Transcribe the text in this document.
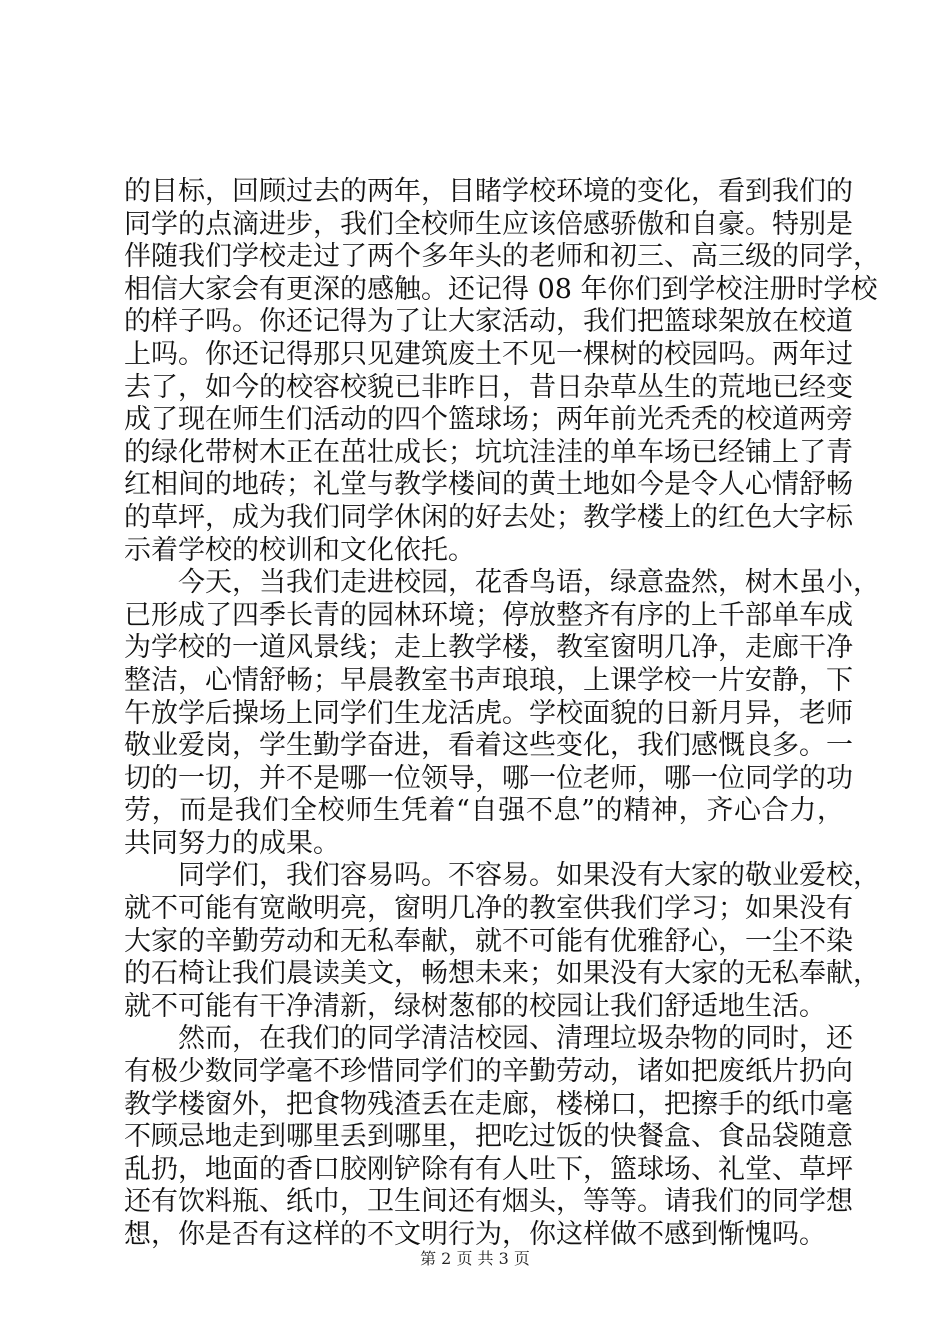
的目标，回顾过去的两年，目睹学校环境的变化，看到我们的
同学的点滴进步，我们全校师生应该倍感骄傲和自豪。特别是
伴随我们学校走过了两个多年头的老师和初三、高三级的同学，
相信大家会有更深的感触。还记得 08 年你们到学校注册时学校
的样子吗。你还记得为了让大家活动，我们把篮球架放在校道
上吗。你还记得那只见建筑废土不见一棵树的校园吗。两年过
去了，如今的校容校貌已非昨日，昔日杂草丛生的荒地已经变
成了现在师生们活动的四个篮球场；两年前光秃秃的校道两旁
的绿化带树木正在茁壮成长；坑坑洼洼的单车场已经铺上了青
红相间的地砖；礼堂与教学楼间的黄土地如今是令人心情舒畅
的草坪，成为我们同学休闲的好去处；教学楼上的红色大字标
示着学校的校训和文化依托。
　　今天，当我们走进校园，花香鸟语，绿意盎然，树木虽小，
已形成了四季长青的园林环境；停放整齐有序的上千部单车成
为学校的一道风景线；走上教学楼，教室窗明几净，走廊干净
整洁，心情舒畅；早晨教室书声琅琅，上课学校一片安静，下
午放学后操场上同学们生龙活虎。学校面貌的日新月异，老师
敬业爱岗，学生勤学奋进，看着这些变化，我们感慨良多。一
切的一切，并不是哪一位领导，哪一位老师，哪一位同学的功
劳，而是我们全校师生凭着“自强不息”的精神，齐心合力，
共同努力的成果。
　　同学们，我们容易吗。不容易。如果没有大家的敬业爱校，
就不可能有宽敞明亮，窗明几净的教室供我们学习；如果没有
大家的辛勤劳动和无私奉献，就不可能有优雅舒心，一尘不染
的石椅让我们晨读美文，畅想未来；如果没有大家的无私奉献，
就不可能有干净清新，绿树葱郁的校园让我们舒适地生活。
　　然而，在我们的同学清洁校园、清理垃圾杂物的同时，还
有极少数同学毫不珍惜同学们的辛勤劳动，诸如把废纸片扔向
教学楼窗外，把食物残渣丢在走廊，楼梯口，把擦手的纸巾毫
不顾忌地走到哪里丢到哪里，把吃过饭的快餐盒、食品袋随意
乱扔，地面的香口胶刚铲除有有人吐下，篮球场、礼堂、草坪
还有饮料瓶、纸巾，卫生间还有烟头，等等。请我们的同学想
想，你是否有这样的不文明行为，你这样做不感到惭愧吗。
第 2 页 共 3 页
